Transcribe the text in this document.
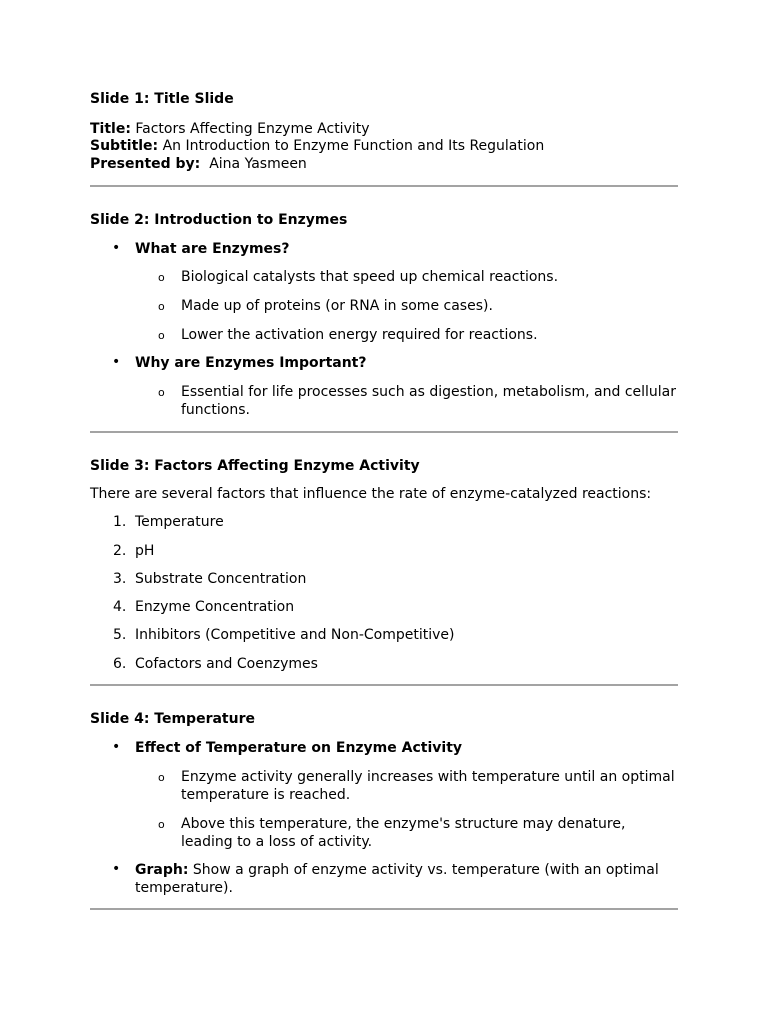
Slide 1: Title Slide
Title: Factors Affecting Enzyme Activity
Subtitle: An Introduction to Enzyme Function and Its Regulation
Presented by: Aina Yasmeen
Slide 2: Introduction to Enzymes
• What are Enzymes?
o Biological catalysts that speed up chemical reactions.
o Made up of proteins (or RNA in some cases).
o Lower the activation energy required for reactions.
• Why are Enzymes Important?
o Essential for life processes such as digestion, metabolism, and cellular functions.
Slide 3: Factors Affecting Enzyme Activity
There are several factors that influence the rate of enzyme-catalyzed reactions:
1. Temperature
2. pH
3. Substrate Concentration
4. Enzyme Concentration
5. Inhibitors (Competitive and Non-Competitive)
6. Cofactors and Coenzymes
Slide 4: Temperature
• Effect of Temperature on Enzyme Activity
o Enzyme activity generally increases with temperature until an optimal temperature is reached.
o Above this temperature, the enzyme's structure may denature, leading to a loss of activity.
• Graph: Show a graph of enzyme activity vs. temperature (with an optimal temperature).
